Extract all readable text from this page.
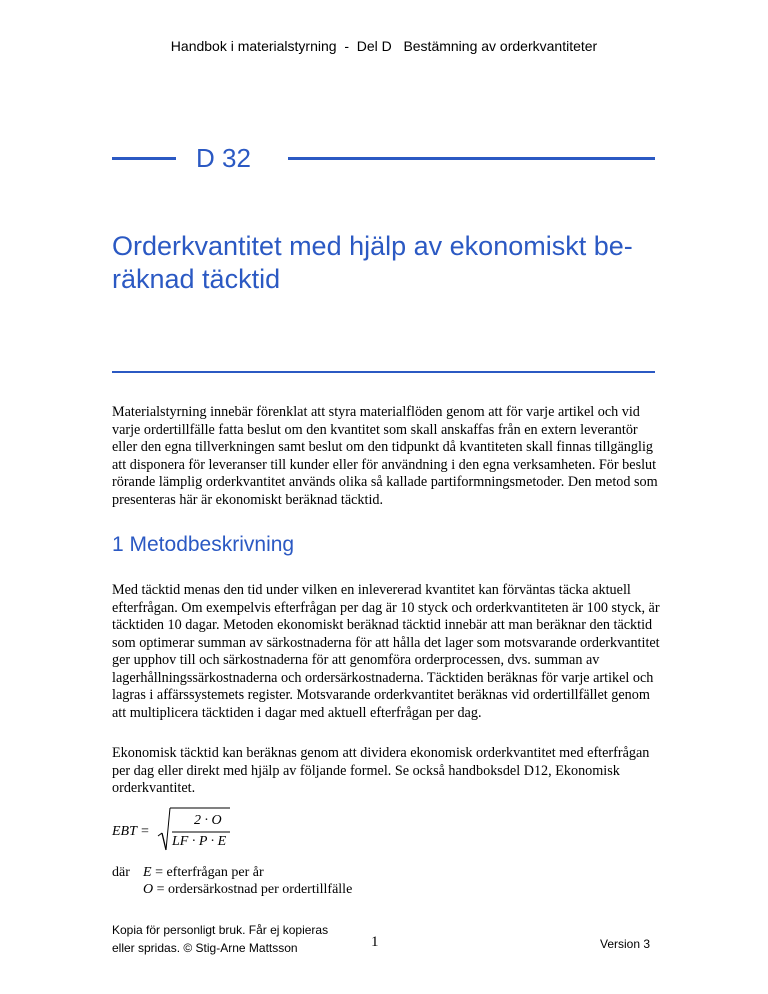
Handbok i materialstyrning  -  Del D   Bestämning av orderkvantiteter
D 32
Orderkvantitet med hjälp av ekonomiskt be-
räknad täcktid

Materialstyrning innebär förenklat att styra materialflöden genom att för varje artikel och vid varje ordertillfälle fatta beslut om den kvantitet som skall anskaffas från en extern leverantör eller den egna tillverkningen samt beslut om den tidpunkt då kvantiteten skall finnas tillgänglig att disponera för leveranser till kunder eller för användning i den egna verksamheten. För beslut rörande lämplig orderkvantitet används olika så kallade partiformningsmetoder. Den metod som presenteras här är ekonomiskt beräknad täcktid.

1 Metodbeskrivning

Med täcktid menas den tid under vilken en inlevererad kvantitet kan förväntas täcka aktuell efterfrågan. Om exempelvis efterfrågan per dag är 10 styck och orderkvantiteten är 100 styck, är täcktiden 10 dagar. Metoden ekonomiskt beräknad täcktid innebär att man beräknar den täcktid som optimerar summan av särkostnaderna för att hålla det lager som motsvarande orderkvantitet ger upphov till och särkostnaderna för att genomföra orderprocessen, dvs. summan av lagerhållningssärkostnaderna och ordersärkostnaderna. Täcktiden beräknas för varje artikel och lagras i affärssystemets register. Motsvarande orderkvantitet beräknas vid ordertillfället genom att multiplicera täcktiden i dagar med aktuell efterfrågan per dag.

Ekonomisk täcktid kan beräknas genom att dividera ekonomisk orderkvantitet med efterfrågan per dag eller direkt med hjälp av följande formel. Se också handboksdel D12, Ekonomisk orderkvantitet.

EBT =
2 · O
LF · P · E
där E = efterfrågan per år
O = ordersärkostnad per ordertillfälle
Kopia för personligt bruk. Får ej kopieras
eller spridas. © Stig-Arne Mattsson	1	Version 3
